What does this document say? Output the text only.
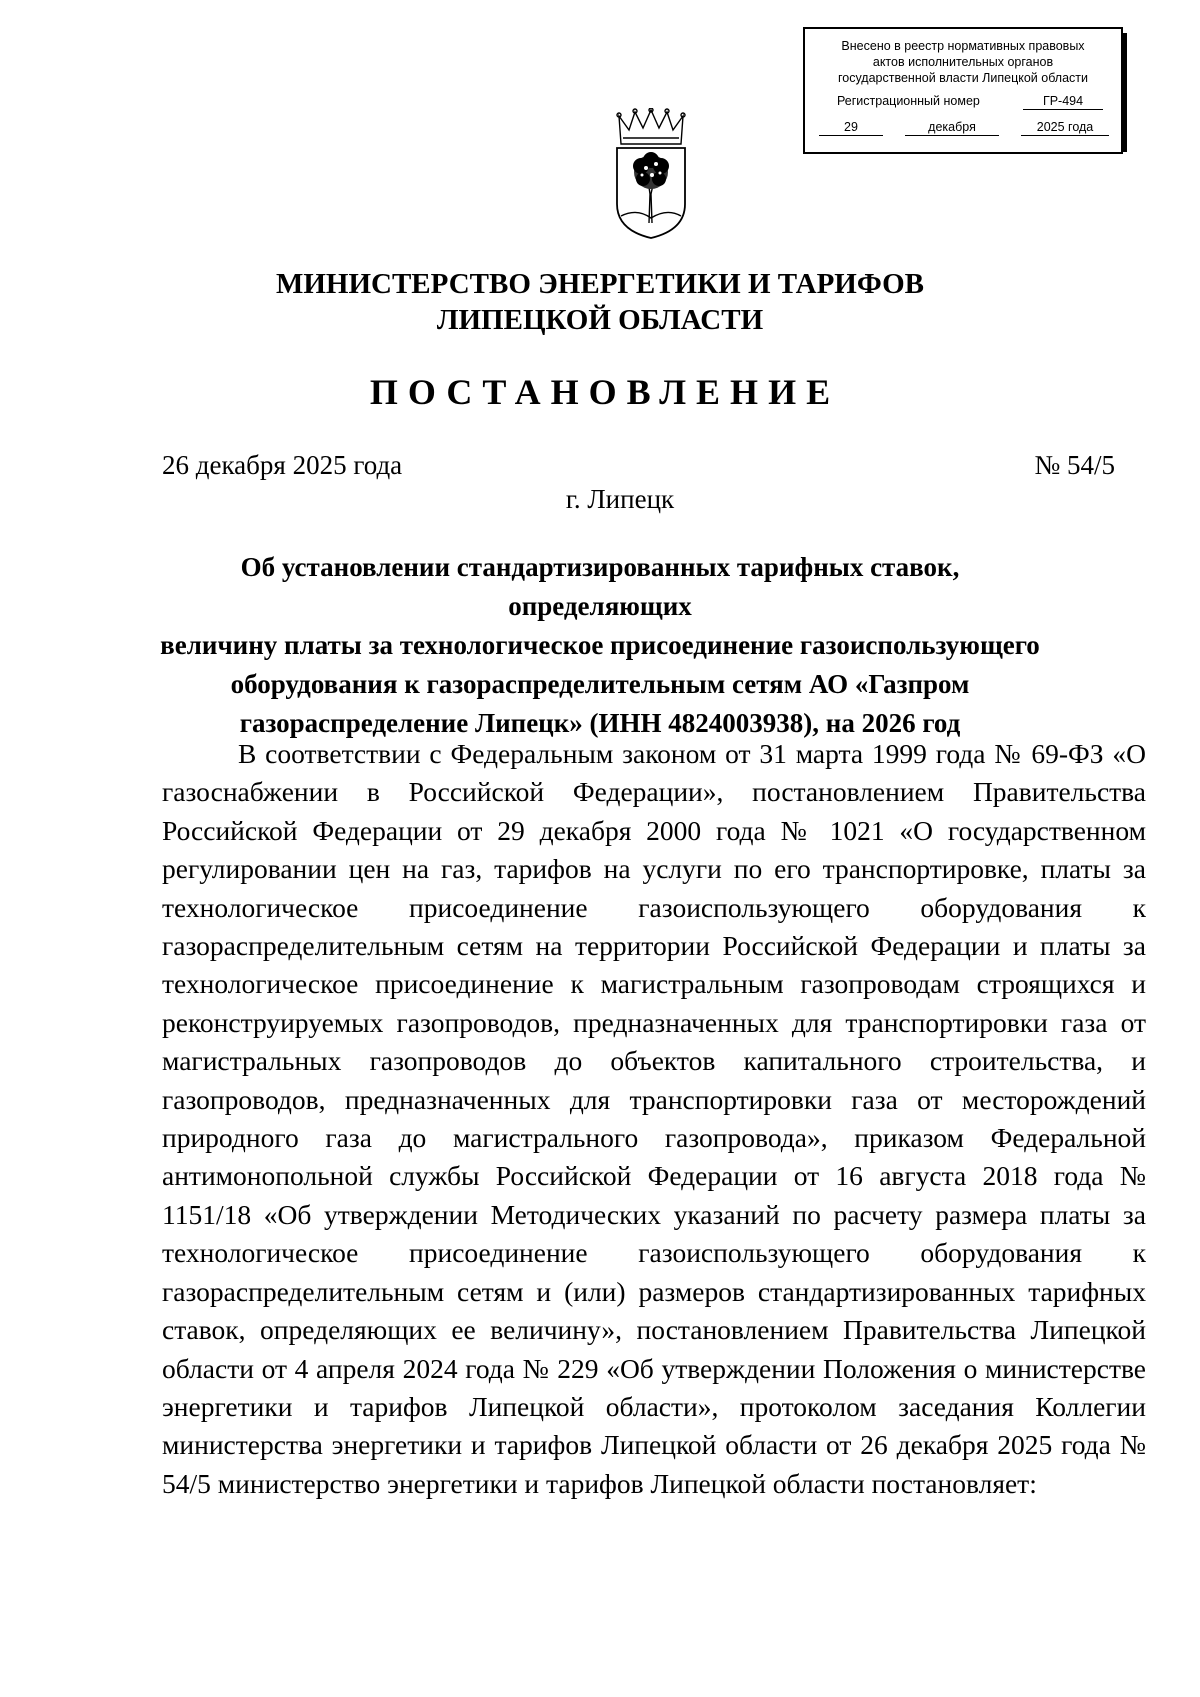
Внесено в реестр нормативных правовых
актов исполнительных органов
государственной власти Липецкой области
Регистрационный номер	ГР-494
29	декабря	2025 года
МИНИСТЕРСТВО ЭНЕРГЕТИКИ И ТАРИФОВ
ЛИПЕЦКОЙ ОБЛАСТИ
ПОСТАНОВЛЕНИЕ
26 декабря 2025 года	№ 54/5
г. Липецк
Об установлении стандартизированных тарифных ставок, определяющих
величину платы за технологическое присоединение газоиспользующего
оборудования к газораспределительным сетям АО «Газпром
газораспределение Липецк» (ИНН 4824003938), на 2026 год

В соответствии с Федеральным законом от 31 марта 1999 года № 69-ФЗ «О газоснабжении в Российской Федерации», постановлением Правительства Российской Федерации от 29 декабря 2000 года № 1021 «О государственном регулировании цен на газ, тарифов на услуги по его транспортировке, платы за технологическое присоединение газоиспользующего оборудования к газораспределительным сетям на территории Российской Федерации и платы за технологическое присоединение к магистральным газопроводам строящихся и реконструируемых газопроводов, предназначенных для транспортировки газа от магистральных газопроводов до объектов капитального строительства, и газопроводов, предназначенных для транспортировки газа от месторождений природного газа до магистрального газопровода», приказом Федеральной антимонопольной службы Российской Федерации от 16 августа 2018 года № 1151/18 «Об утверждении Методических указаний по расчету размера платы за технологическое присоединение газоиспользующего оборудования к газораспределительным сетям и (или) размеров стандартизированных тарифных ставок, определяющих ее величину», постановлением Правительства Липецкой области от 4 апреля 2024 года № 229 «Об утверждении Положения о министерстве энергетики и тарифов Липецкой области», протоколом заседания Коллегии министерства энергетики и тарифов Липецкой области от 26 декабря 2025 года № 54/5 министерство энергетики и тарифов Липецкой области постановляет:
